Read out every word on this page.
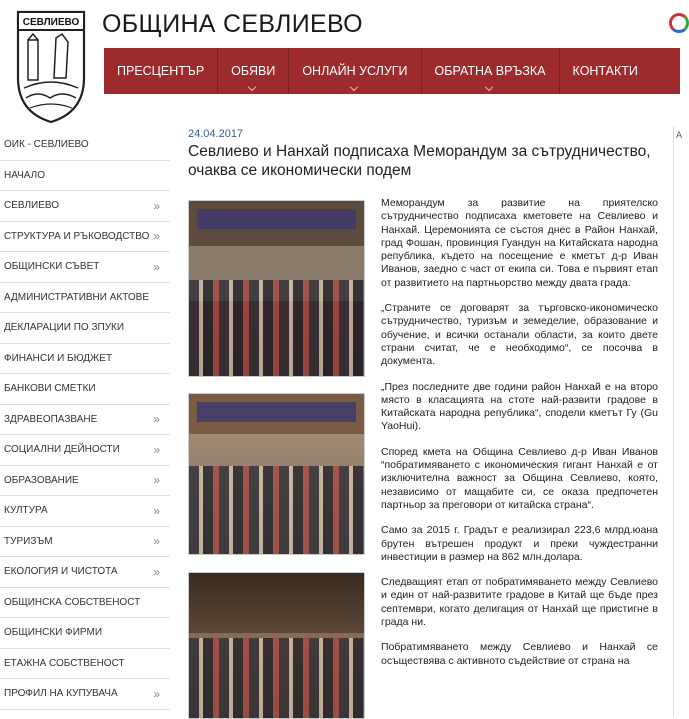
СЕВЛИЕВО ОБЩИНА СЕВЛИЕВО
ПРЕСЦЕНТЪР ОБЯВИ ОНЛАЙН УСЛУГИ ОБРАТНА ВРЪЗКА КОНТАКТИ
ОИК - СЕВЛИЕВО
НАЧАЛО
СЕВЛИЕВО	»
СТРУКТУРА И РЪКОВОДСТВО »
ОБЩИНСКИ СЪВЕТ	»
АДМИНИСТРАТИВНИ АКТОВЕ
ДЕКЛАРАЦИИ ПО ЗПУКИ
ФИНАНСИ И БЮДЖЕТ
БАНКОВИ СМЕТКИ
ЗДРАВЕОПАЗВАНЕ	»
СОЦИАЛНИ ДЕЙНОСТИ	»
ОБРАЗОВАНИЕ	»
КУЛТУРА	»
ТУРИЗЪМ	»
ЕКОЛОГИЯ И ЧИСТОТА	»
ОБЩИНСКА СОБСТВЕНОСТ
ОБЩИНСКИ ФИРМИ
ЕТАЖНА СОБСТВЕНОСТ
ПРОФИЛ НА КУПУВАЧА	»

24.04.2017

Севлиево и Нанхай подписаха Меморандум за сътрудничество, очаква се икономически подем

Меморандум за развитие на приятелско сътрудничество подписаха кметовете на Севлиево и Нанхай. Церемонията се състоя днес в Район Нанхай, град Фошан, провинция Гуандун на Китайската народна република, където на посещение е кметът д-р Иван Иванов, заедно с част от екипа си. Това е първият етап от развитието на партньорство между двата града.

„Страните се договарят за търговско-икономическо сътрудничество, туризъм и земеделие, образование и обучение, и всички останали области, за които двете страни считат, че е необходимо“, се посочва в документа.

„През последните две години район Нанхай е на второ място в класацията на стоте най-развити градове в Китайската народна република“, сподели кметът Гу (Gu YaoHui).

Според кмета на Община Севлиево д-р Иван Иванов “побратимяването с икономическия гигант Нанхай е от изключителна важност за Община Севлиево, която, независимо от мащабите си, се оказа предпочетен партньор за преговори от китайска страна“.

Само за 2015 г. Градът е реализирал 223,6 млрд.юана брутен вътрешен продукт и преки чуждестранни инвестиции в размер на 862 млн.долара.

Следващият етап от побратимяването между Севлиево и един от най-развитите градове в Китай ще бъде през септември, когато делигация от Нанхай ще пристигне в града ни.

Побратимяването между Севлиево и Нанхай се осъществява с активното съдействие от страна на

А
